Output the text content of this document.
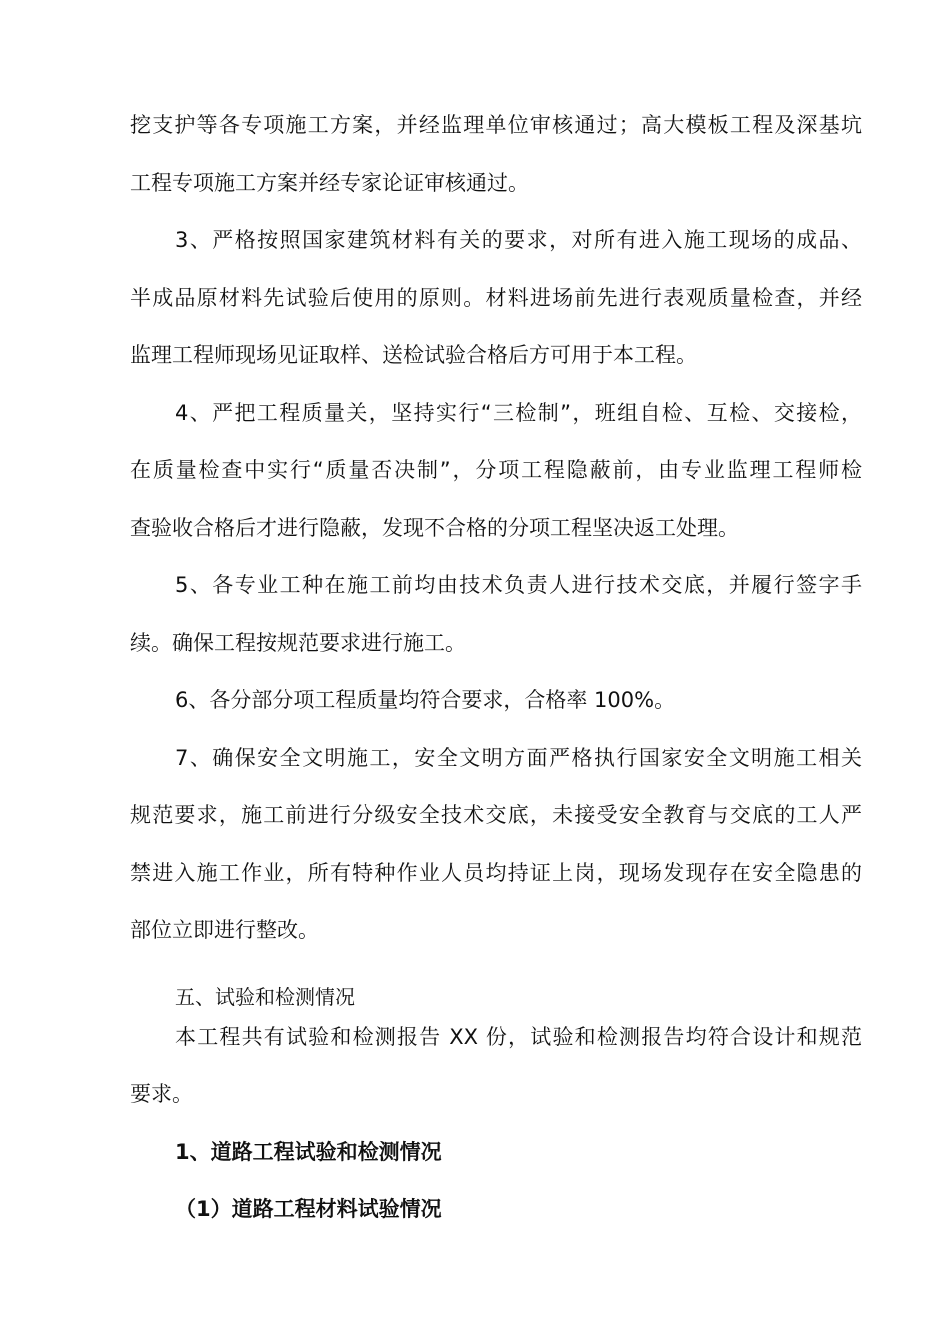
挖支护等各专项施工方案，并经监理单位审核通过；高大模板工程及深基坑
工程专项施工方案并经专家论证审核通过。
3、严格按照国家建筑材料有关的要求，对所有进入施工现场的成品、
半成品原材料先试验后使用的原则。材料进场前先进行表观质量检查，并经
监理工程师现场见证取样、送检试验合格后方可用于本工程。
4、严把工程质量关，坚持实行“三检制”，班组自检、互检、交接检，
在质量检查中实行“质量否决制”，分项工程隐蔽前，由专业监理工程师检
查验收合格后才进行隐蔽，发现不合格的分项工程坚决返工处理。
5、各专业工种在施工前均由技术负责人进行技术交底，并履行签字手
续。确保工程按规范要求进行施工。
6、各分部分项工程质量均符合要求，合格率 100%。
7、确保安全文明施工，安全文明方面严格执行国家安全文明施工相关
规范要求，施工前进行分级安全技术交底，未接受安全教育与交底的工人严
禁进入施工作业，所有特种作业人员均持证上岗，现场发现存在安全隐患的
部位立即进行整改。
五、试验和检测情况
本工程共有试验和检测报告 XX 份，试验和检测报告均符合设计和规范
要求。
1、道路工程试验和检测情况
（1）道路工程材料试验情况
